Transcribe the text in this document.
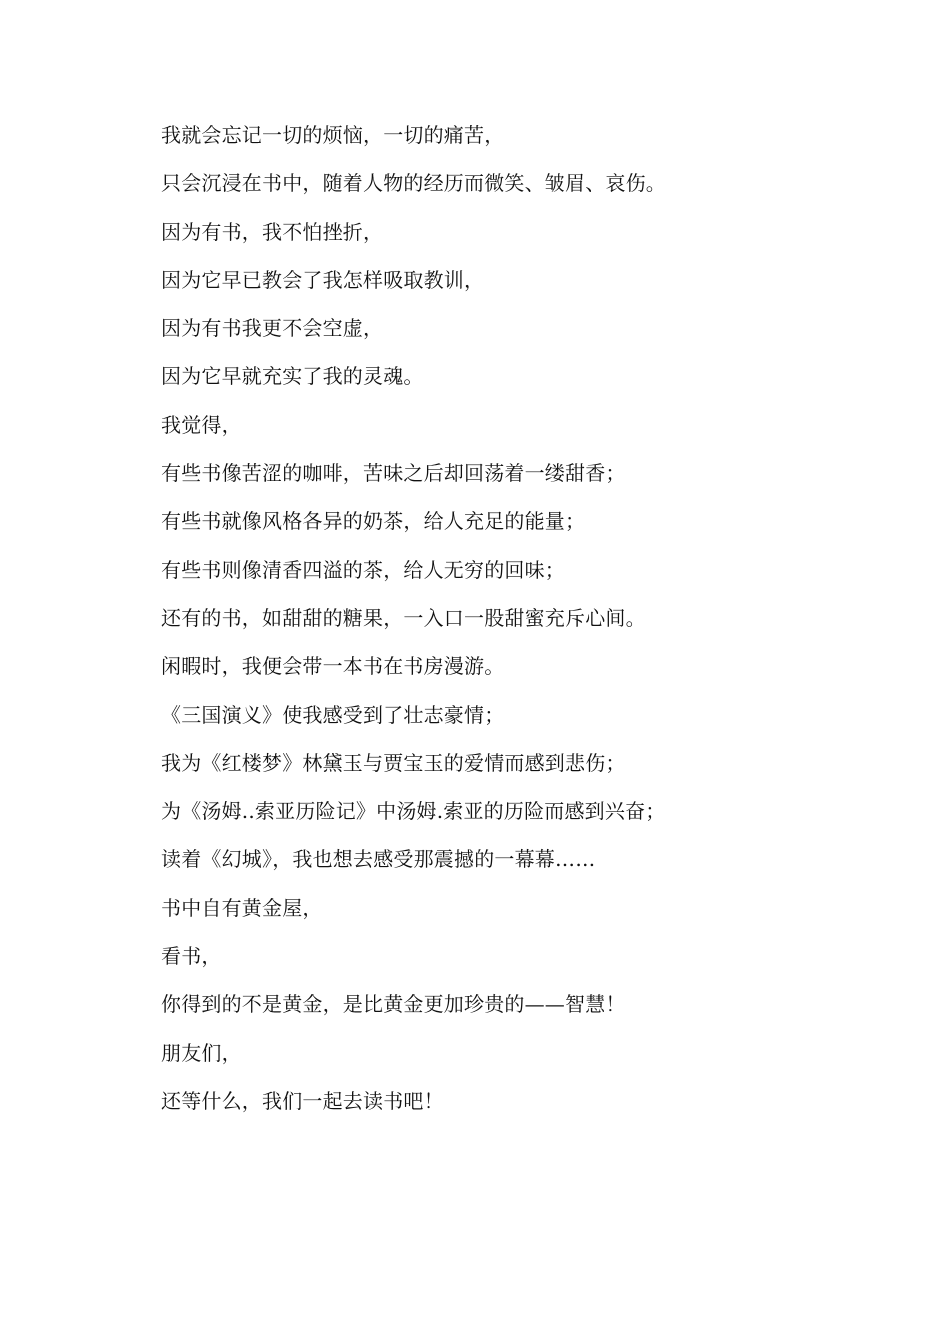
我就会忘记一切的烦恼，一切的痛苦，
只会沉浸在书中，随着人物的经历而微笑、皱眉、哀伤。
因为有书，我不怕挫折，
因为它早已教会了我怎样吸取教训，
因为有书我更不会空虚，
因为它早就充实了我的灵魂。
我觉得，
有些书像苦涩的咖啡，苦味之后却回荡着一缕甜香；
有些书就像风格各异的奶茶，给人充足的能量；
有些书则像清香四溢的茶，给人无穷的回味；
还有的书，如甜甜的糖果，一入口一股甜蜜充斥心间。
闲暇时，我便会带一本书在书房漫游。
《三国演义》使我感受到了壮志豪情；
我为《红楼梦》林黛玉与贾宝玉的爱情而感到悲伤；
为《汤姆..索亚历险记》中汤姆.索亚的历险而感到兴奋；
读着《幻城》，我也想去感受那震撼的一幕幕……
书中自有黄金屋，
看书，
你得到的不是黄金，是比黄金更加珍贵的——智慧！
朋友们，
还等什么，我们一起去读书吧！
